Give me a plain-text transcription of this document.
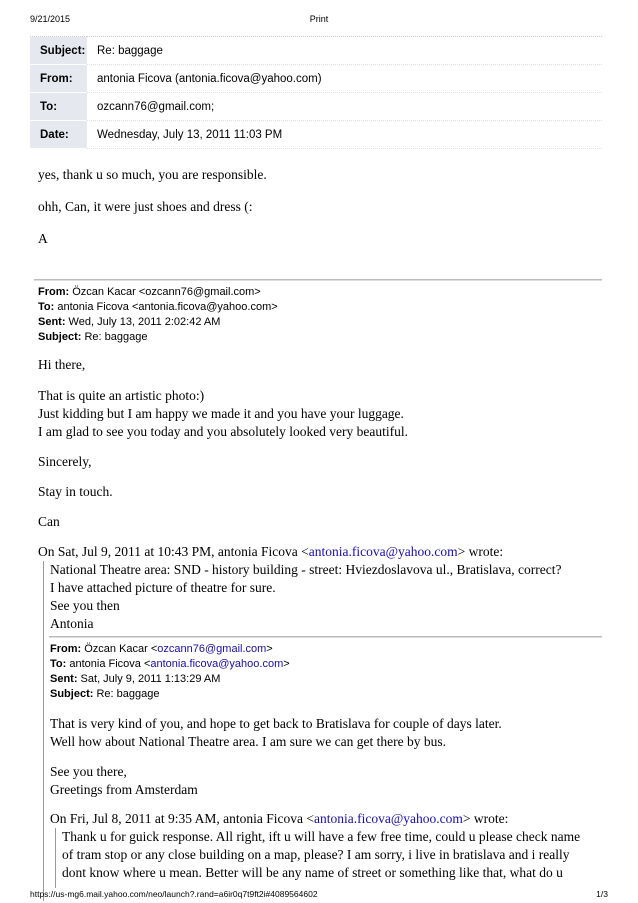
9/21/2015	Print
Subject:	Re: baggage
From:	antonia Ficova (antonia.ficova@yahoo.com)
To:	ozcann76@gmail.com;
Date:	Wednesday, July 13, 2011 11:03 PM
yes, thank u so much, you are responsible.
ohh, Can, it were just shoes and dress (:
A
From: Özcan Kacar <ozcann76@gmail.com>
To: antonia Ficova <antonia.ficova@yahoo.com>
Sent: Wed, July 13, 2011 2:02:42 AM
Subject: Re: baggage
Hi there,
That is quite an artistic photo:)
Just kidding but I am happy we made it and you have your luggage.
I am glad to see you today and you absolutely looked very beautiful.
Sincerely,
Stay in touch.
Can
On Sat, Jul 9, 2011 at 10:43 PM, antonia Ficova <antonia.ficova@yahoo.com> wrote:
National Theatre area: SND - history building - street: Hviezdoslavova ul., Bratislava, correct?
I have attached picture of theatre for sure.
See you then
Antonia
From: Özcan Kacar <ozcann76@gmail.com>
To: antonia Ficova <antonia.ficova@yahoo.com>
Sent: Sat, July 9, 2011 1:13:29 AM
Subject: Re: baggage
That is very kind of you, and hope to get back to Bratislava for couple of days later.
Well how about National Theatre area. I am sure we can get there by bus.
See you there,
Greetings from Amsterdam
On Fri, Jul 8, 2011 at 9:35 AM, antonia Ficova <antonia.ficova@yahoo.com> wrote:
Thank u for guick response. All right, ift u will have a few free time, could u please check name
of tram stop or any close building on a map, please? I am sorry, i live in bratislava and i really
dont know where u mean. Better will be any name of street or something like that, what do u
https://us-mg6.mail.yahoo.com/neo/launch?.rand=a6ir0q7t9ft2i#4089564602	1/3
